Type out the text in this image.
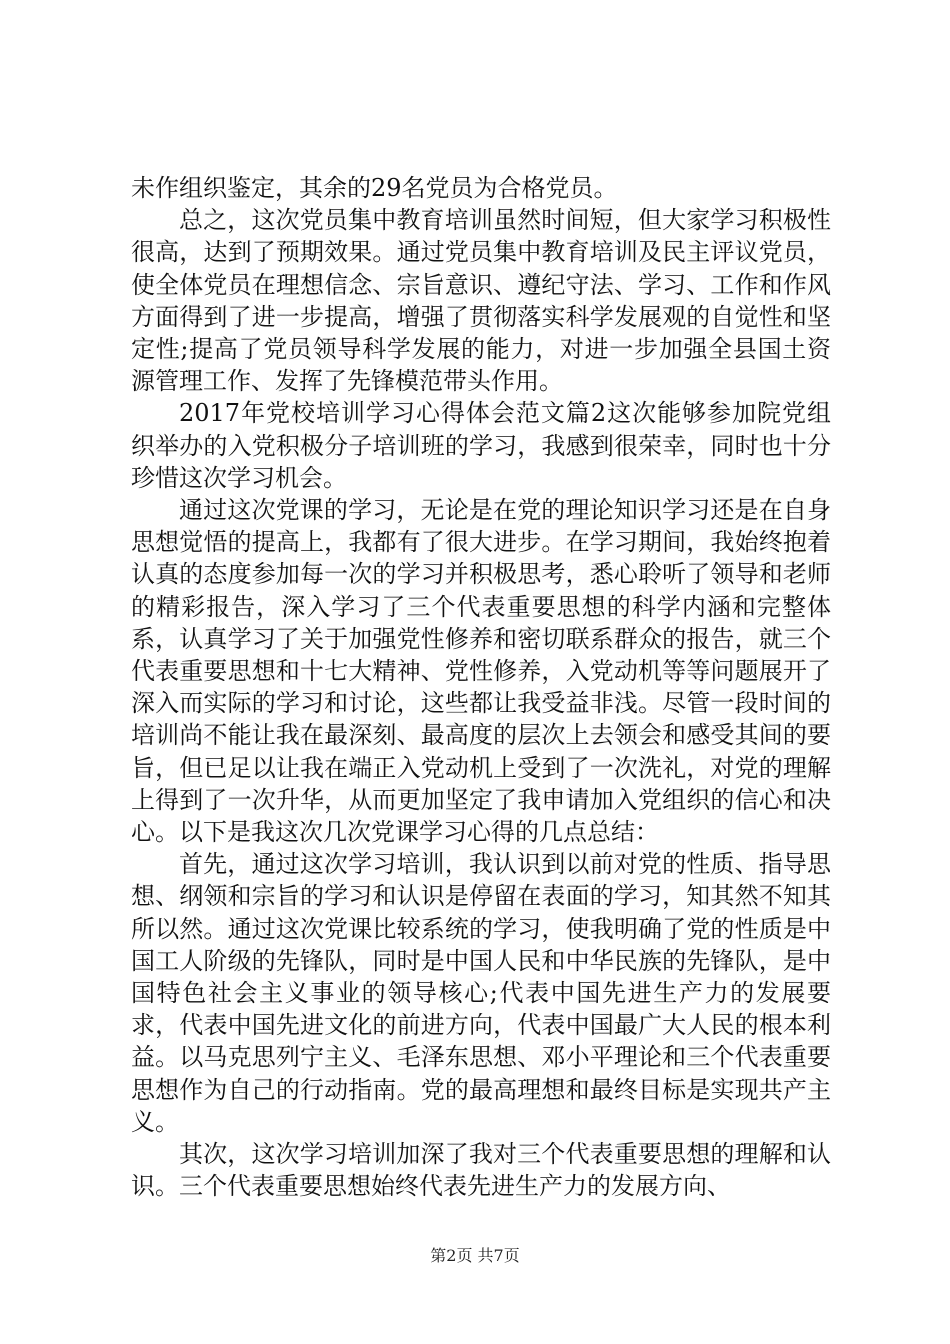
未作组织鉴定，其余的29名党员为合格党员。

总之，这次党员集中教育培训虽然时间短，但大家学习积极性很高，达到了预期效果。通过党员集中教育培训及民主评议党员，使全体党员在理想信念、宗旨意识、遵纪守法、学习、工作和作风方面得到了进一步提高，增强了贯彻落实科学发展观的自觉性和坚定性;提高了党员领导科学发展的能力，对进一步加强全县国土资源管理工作、发挥了先锋模范带头作用。

2017年党校培训学习心得体会范文篇2这次能够参加院党组织举办的入党积极分子培训班的学习，我感到很荣幸，同时也十分珍惜这次学习机会。

通过这次党课的学习，无论是在党的理论知识学习还是在自身思想觉悟的提高上，我都有了很大进步。在学习期间，我始终抱着认真的态度参加每一次的学习并积极思考，悉心聆听了领导和老师的精彩报告，深入学习了三个代表重要思想的科学内涵和完整体系，认真学习了关于加强党性修养和密切联系群众的报告，就三个代表重要思想和十七大精神、党性修养，入党动机等等问题展开了深入而实际的学习和讨论，这些都让我受益非浅。尽管一段时间的培训尚不能让我在最深刻、最高度的层次上去领会和感受其间的要旨，但已足以让我在端正入党动机上受到了一次洗礼，对党的理解上得到了一次升华，从而更加坚定了我申请加入党组织的信心和决心。以下是我这次几次党课学习心得的几点总结：

首先，通过这次学习培训，我认识到以前对党的性质、指导思想、纲领和宗旨的学习和认识是停留在表面的学习，知其然不知其所以然。通过这次党课比较系统的学习，使我明确了党的性质是中国工人阶级的先锋队，同时是中国人民和中华民族的先锋队，是中国特色社会主义事业的领导核心;代表中国先进生产力的发展要求，代表中国先进文化的前进方向，代表中国最广大人民的根本利益。以马克思列宁主义、毛泽东思想、邓小平理论和三个代表重要思想作为自己的行动指南。党的最高理想和最终目标是实现共产主义。

其次，这次学习培训加深了我对三个代表重要思想的理解和认识。三个代表重要思想始终代表先进生产力的发展方向、

第2页 共7页
